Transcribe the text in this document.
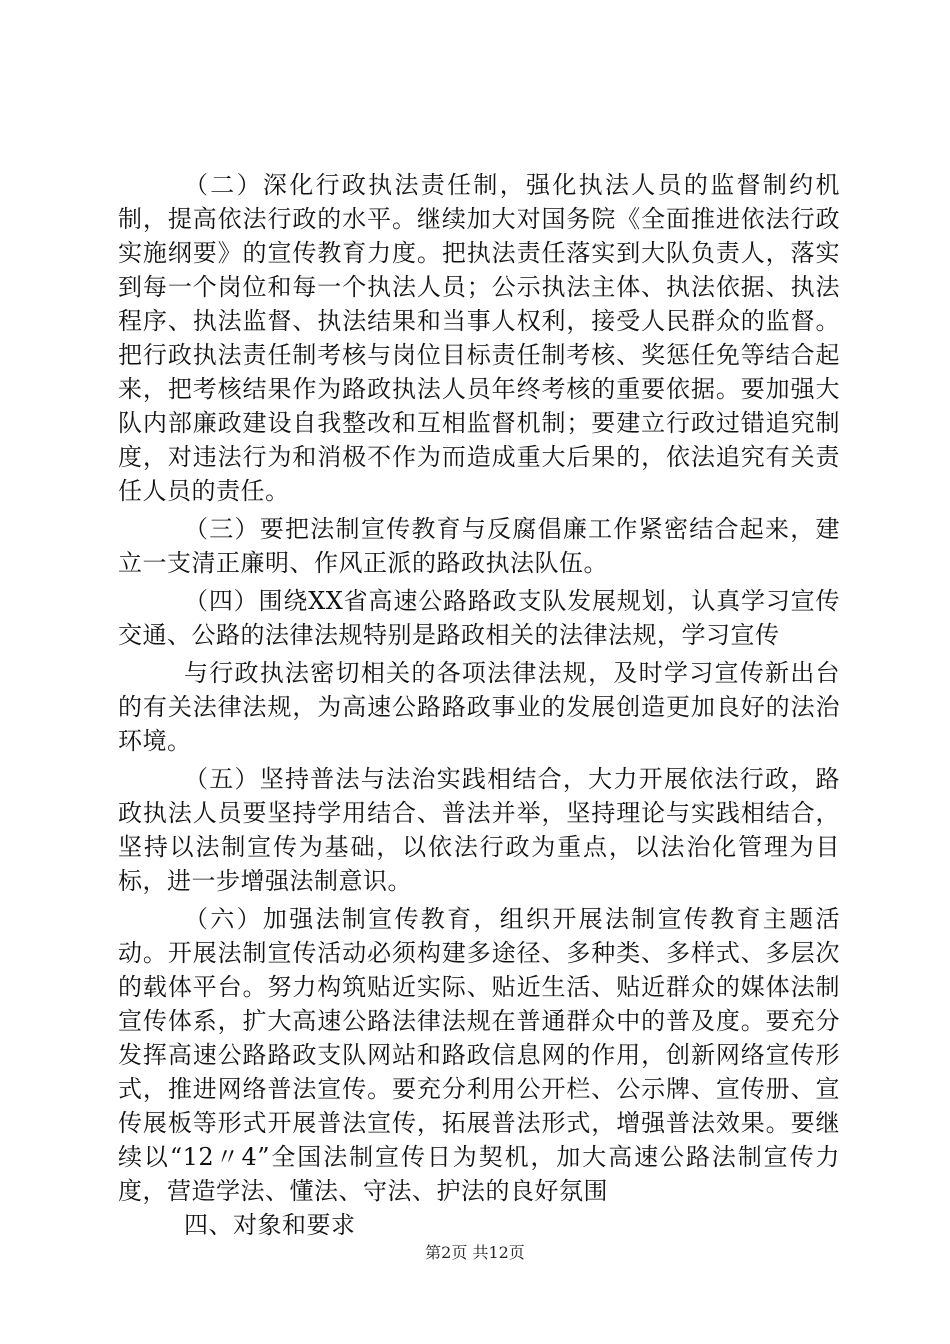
（二）深化行政执法责任制，强化执法人员的监督制约机制，提高依法行政的水平。继续加大对国务院《全面推进依法行政实施纲要》的宣传教育力度。把执法责任落实到大队负责人，落实到每一个岗位和每一个执法人员；公示执法主体、执法依据、执法程序、执法监督、执法结果和当事人权利，接受人民群众的监督。把行政执法责任制考核与岗位目标责任制考核、奖惩任免等结合起来，把考核结果作为路政执法人员年终考核的重要依据。要加强大队内部廉政建设自我整改和互相监督机制；要建立行政过错追究制度，对违法行为和消极不作为而造成重大后果的，依法追究有关责任人员的责任。

（三）要把法制宣传教育与反腐倡廉工作紧密结合起来，建立一支清正廉明、作风正派的路政执法队伍。

（四）围绕XX省高速公路路政支队发展规划，认真学习宣传交通、公路的法律法规特别是路政相关的法律法规，学习宣传

与行政执法密切相关的各项法律法规，及时学习宣传新出台的有关法律法规，为高速公路路政事业的发展创造更加良好的法治环境。

（五）坚持普法与法治实践相结合，大力开展依法行政，路政执法人员要坚持学用结合、普法并举，坚持理论与实践相结合，坚持以法制宣传为基础，以依法行政为重点，以法治化管理为目标，进一步增强法制意识。

（六）加强法制宣传教育，组织开展法制宣传教育主题活动。开展法制宣传活动必须构建多途径、多种类、多样式、多层次的载体平台。努力构筑贴近实际、贴近生活、贴近群众的媒体法制宣传体系，扩大高速公路法律法规在普通群众中的普及度。要充分发挥高速公路路政支队网站和路政信息网的作用，创新网络宣传形式，推进网络普法宣传。要充分利用公开栏、公示牌、宣传册、宣传展板等形式开展普法宣传，拓展普法形式，增强普法效果。要继续以“12〃4”全国法制宣传日为契机，加大高速公路法制宣传力度，营造学法、懂法、守法、护法的良好氛围

四、对象和要求

第2页 共12页
